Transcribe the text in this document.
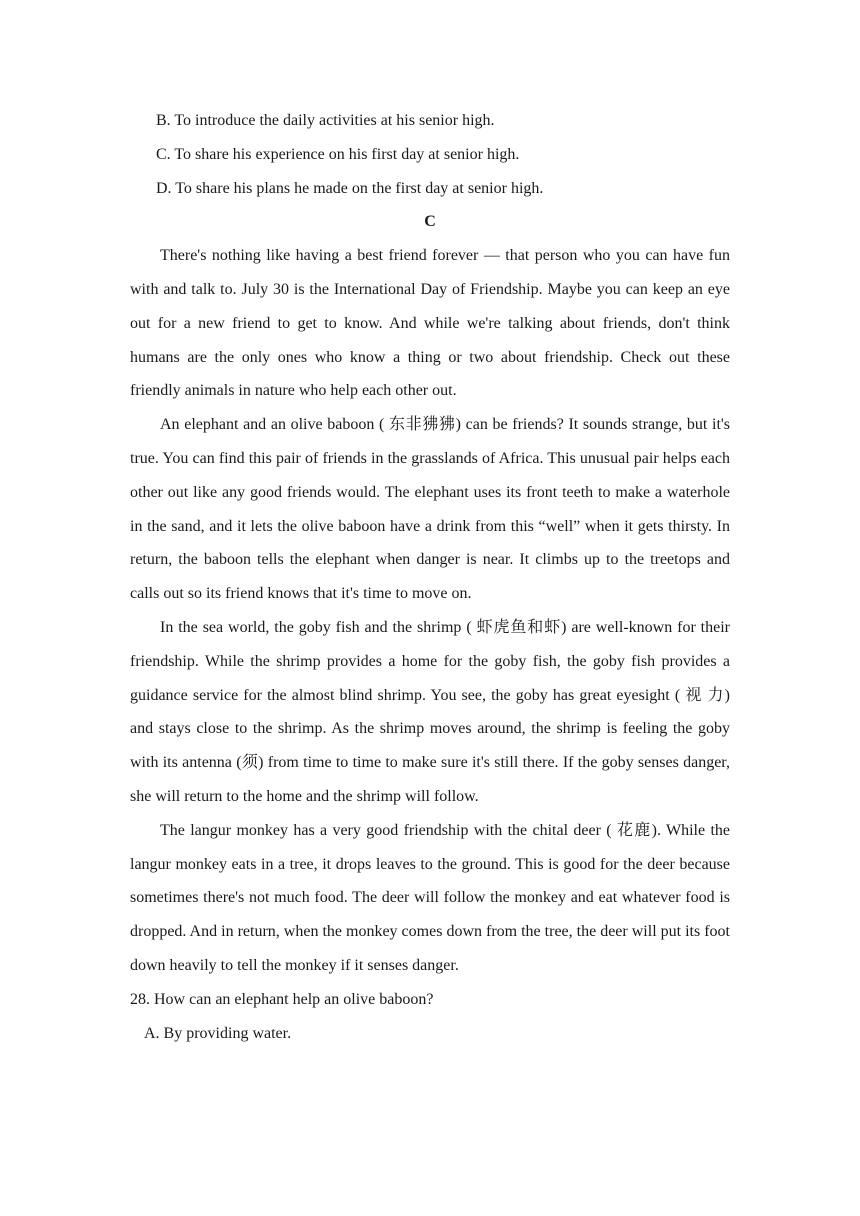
B. To introduce the daily activities at his senior high.
C. To share his experience on his first day at senior high.
D. To share his plans he made on the first day at senior high.
C

There's nothing like having a best friend forever — that person who you can have fun with and talk to. July 30 is the International Day of Friendship. Maybe you can keep an eye out for a new friend to get to know. And while we're talking about friends, don't think humans are the only ones who know a thing or two about friendship. Check out these friendly animals in nature who help each other out.

An elephant and an olive baboon ( 东非狒狒) can be friends? It sounds strange, but it's true. You can find this pair of friends in the grasslands of Africa. This unusual pair helps each other out like any good friends would. The elephant uses its front teeth to make a waterhole in the sand, and it lets the olive baboon have a drink from this “well” when it gets thirsty. In return, the baboon tells the elephant when danger is near. It climbs up to the treetops and calls out so its friend knows that it's time to move on.

In the sea world, the goby fish and the shrimp ( 虾虎鱼和虾) are well-known for their friendship. While the shrimp provides a home for the goby fish, the goby fish provides a guidance service for the almost blind shrimp. You see, the goby has great eyesight ( 视 力) and stays close to the shrimp. As the shrimp moves around, the shrimp is feeling the goby with its antenna (须) from time to time to make sure it's still there. If the goby senses danger, she will return to the home and the shrimp will follow.

The langur monkey has a very good friendship with the chital deer ( 花鹿). While the langur monkey eats in a tree, it drops leaves to the ground. This is good for the deer because sometimes there's not much food. The deer will follow the monkey and eat whatever food is dropped. And in return, when the monkey comes down from the tree, the deer will put its foot down heavily to tell the monkey if it senses danger.

28. How can an elephant help an olive baboon?
A. By providing water.
